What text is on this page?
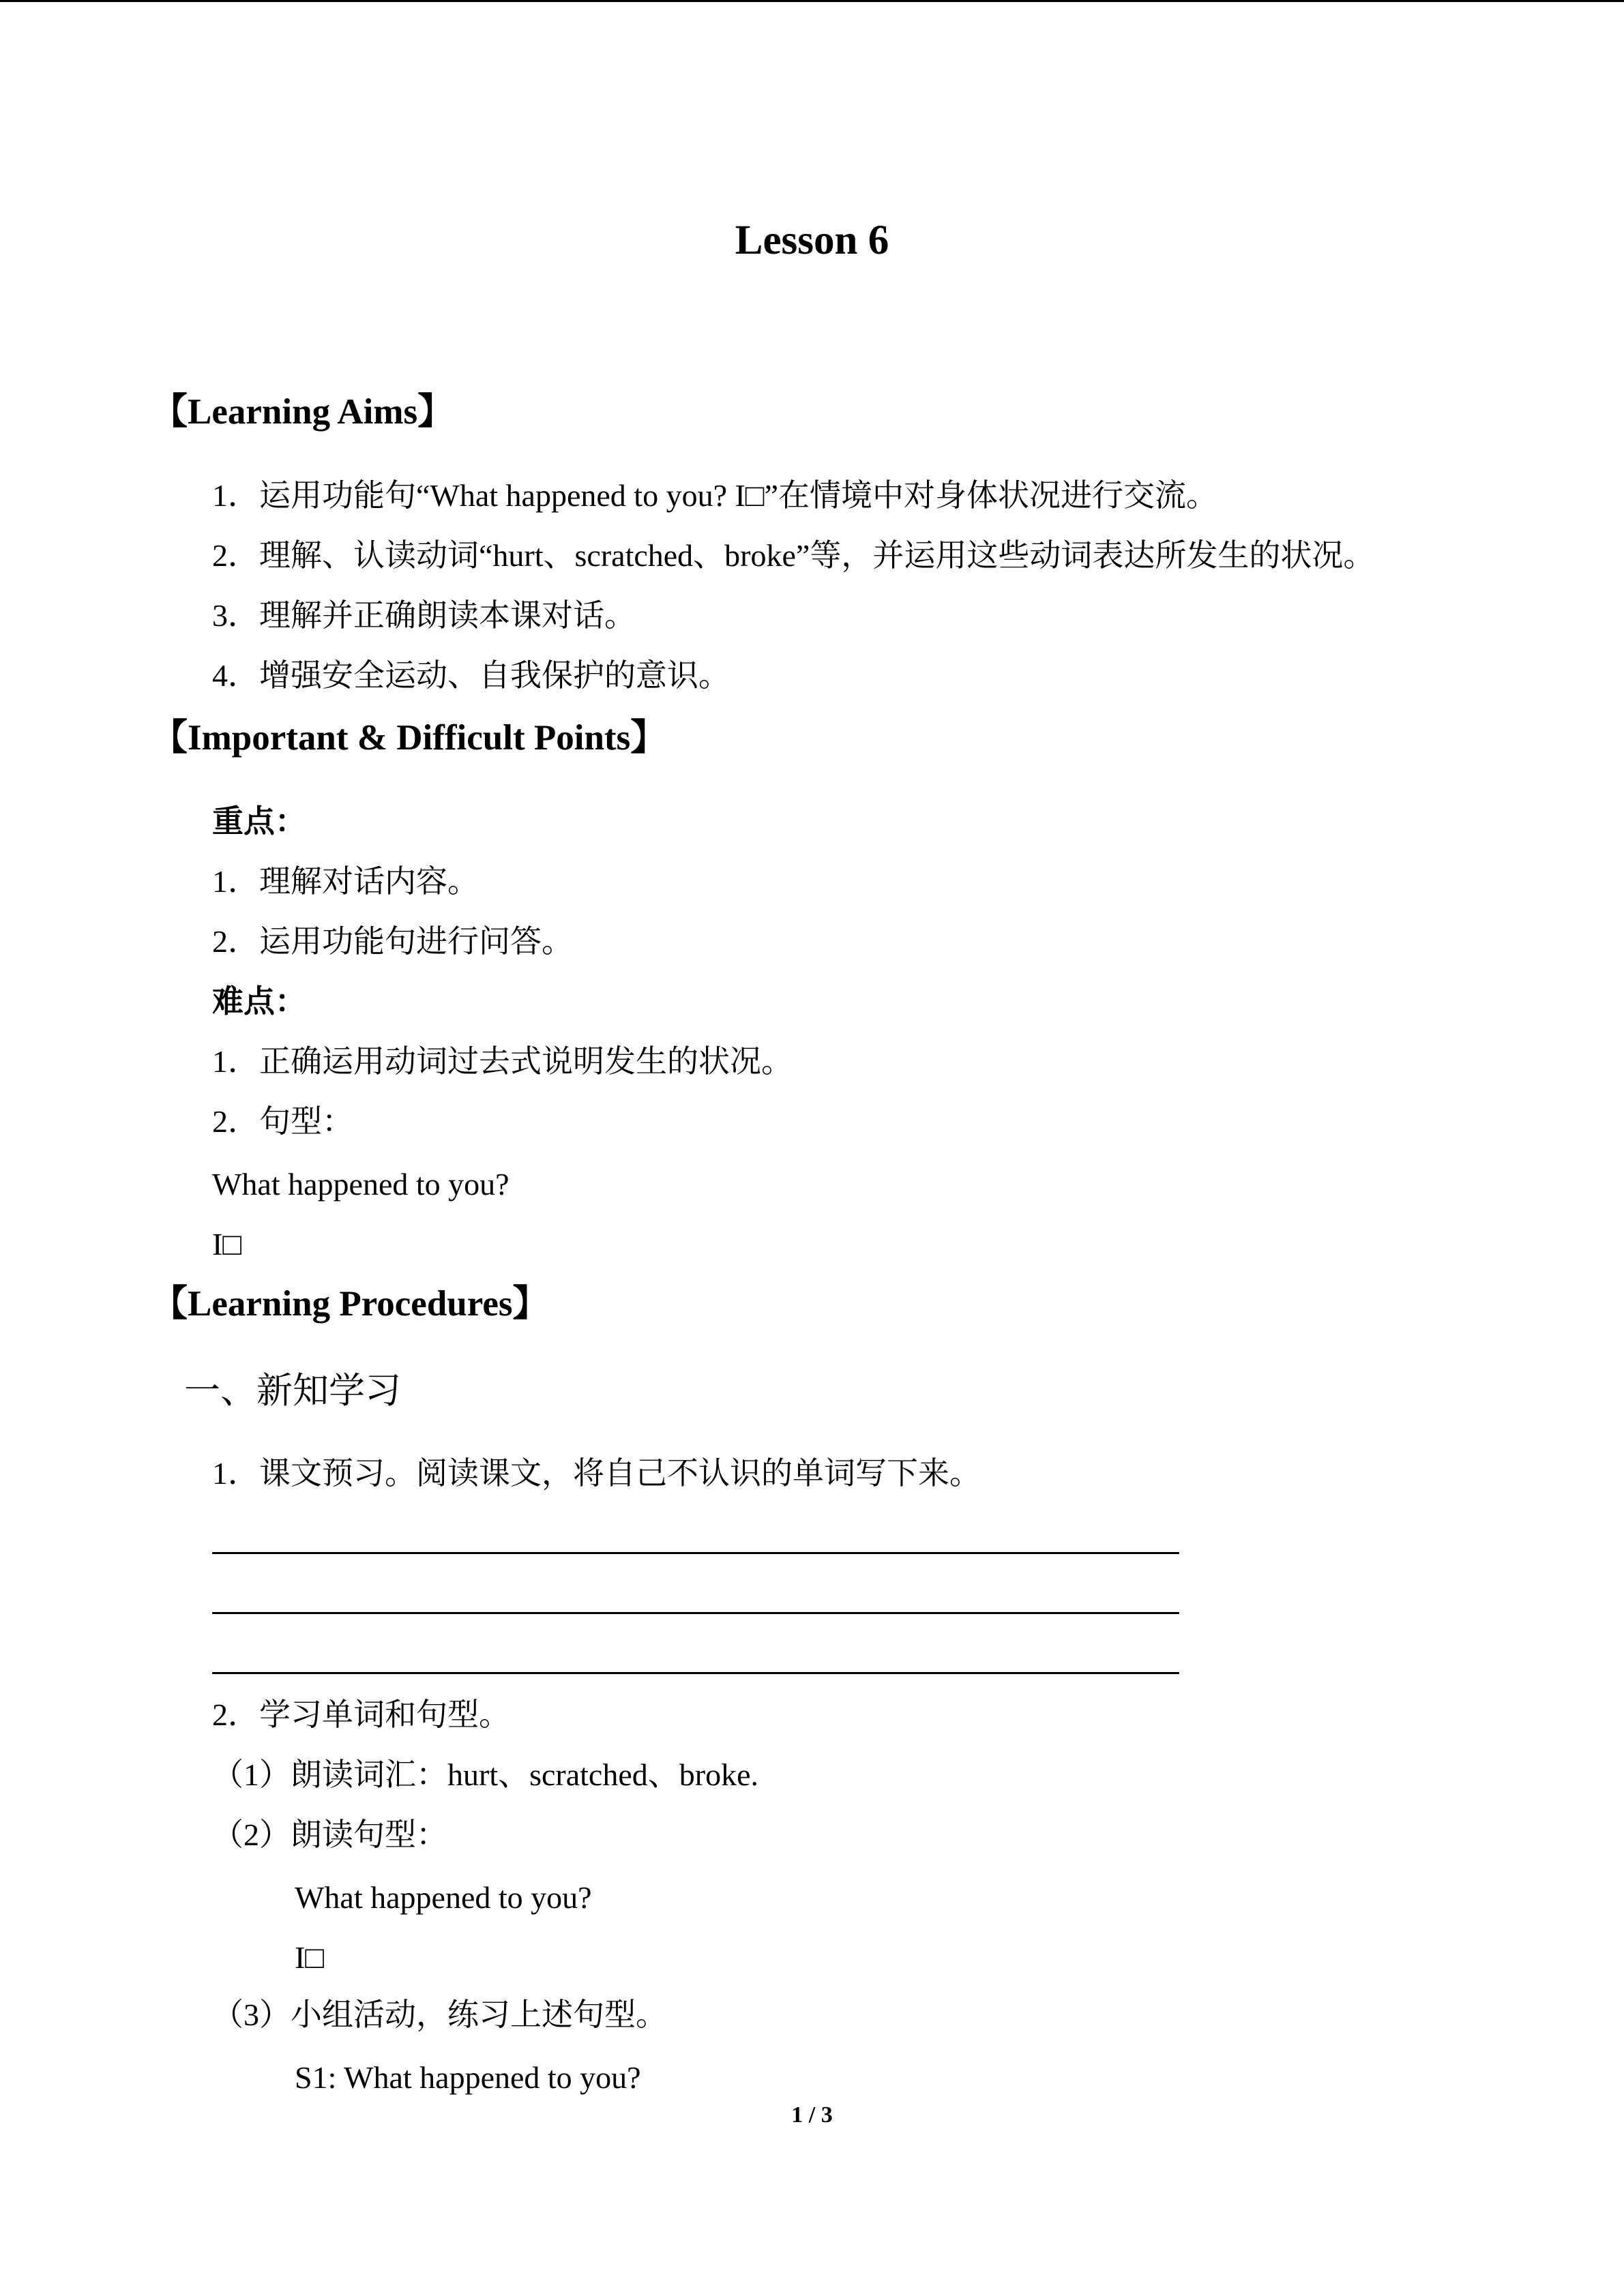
Lesson 6
【Learning Aims】
1．运用功能句“What happened to you? I□”在情境中对身体状况进行交流。
2．理解、认读动词“hurt、scratched、broke”等，并运用这些动词表达所发生的状况。
3．理解并正确朗读本课对话。
4．增强安全运动、自我保护的意识。
【Important & Difficult Points】
重点：
1．理解对话内容。
2．运用功能句进行问答。
难点：
1．正确运用动词过去式说明发生的状况。
2．句型：
What happened to you?
I□
【Learning Procedures】
一、新知学习
1．课文预习。阅读课文，将自己不认识的单词写下来。
2．学习单词和句型。
（1）朗读词汇：hurt、scratched、broke.
（2）朗读句型：
What happened to you?
I□
（3）小组活动，练习上述句型。
S1: What happened to you?
1 / 3
